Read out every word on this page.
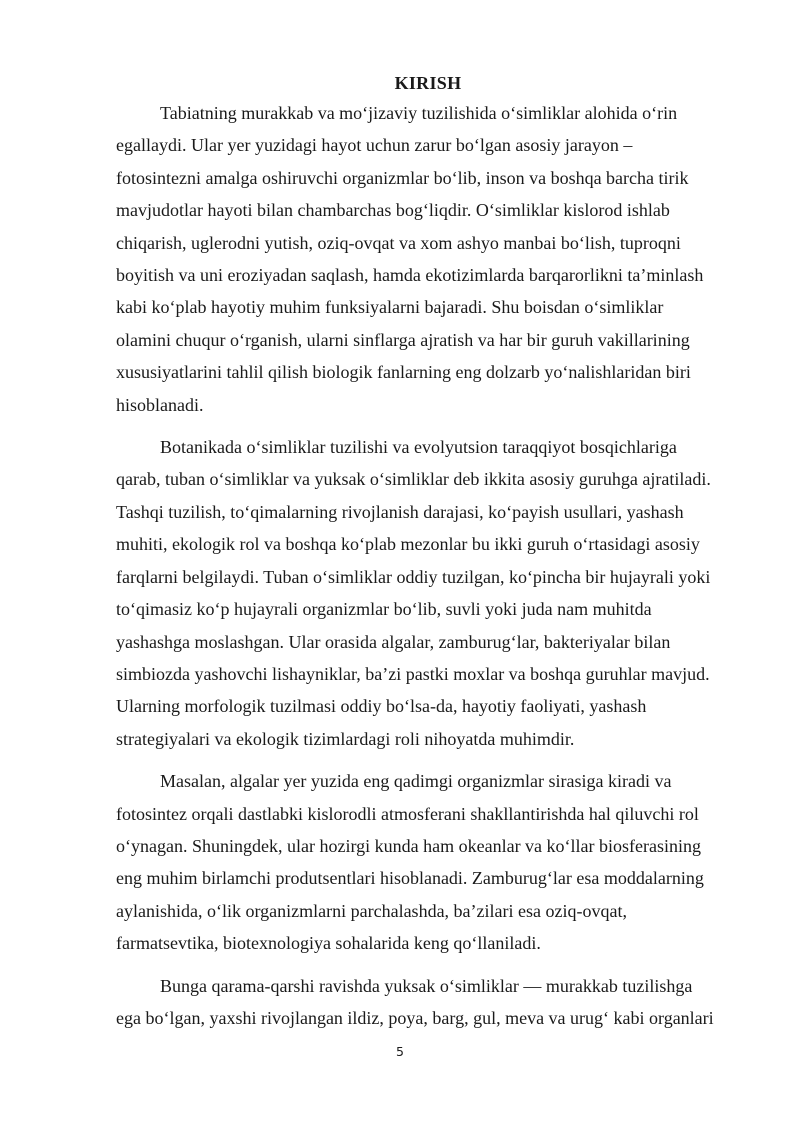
KIRISH

Tabiatning murakkab va mo‘jizaviy tuzilishida o‘simliklar alohida o‘rin
egallaydi. Ular yer yuzidagi hayot uchun zarur bo‘lgan asosiy jarayon –
fotosintezni amalga oshiruvchi organizmlar bo‘lib, inson va boshqa barcha tirik
mavjudotlar hayoti bilan chambarchas bog‘liqdir. O‘simliklar kislorod ishlab
chiqarish, uglerodni yutish, oziq-ovqat va xom ashyo manbai bo‘lish, tuproqni
boyitish va uni eroziyadan saqlash, hamda ekotizimlarda barqarorlikni ta’minlash
kabi ko‘plab hayotiy muhim funksiyalarni bajaradi. Shu boisdan o‘simliklar
olamini chuqur o‘rganish, ularni sinflarga ajratish va har bir guruh vakillarining
xususiyatlarini tahlil qilish biologik fanlarning eng dolzarb yo‘nalishlaridan biri
hisoblanadi.

Botanikada o‘simliklar tuzilishi va evolyutsion taraqqiyot bosqichlariga
qarab, tuban o‘simliklar va yuksak o‘simliklar deb ikkita asosiy guruhga ajratiladi.
Tashqi tuzilish, to‘qimalarning rivojlanish darajasi, ko‘payish usullari, yashash
muhiti, ekologik rol va boshqa ko‘plab mezonlar bu ikki guruh o‘rtasidagi asosiy
farqlarni belgilaydi. Tuban o‘simliklar oddiy tuzilgan, ko‘pincha bir hujayrali yoki
to‘qimasiz ko‘p hujayrali organizmlar bo‘lib, suvli yoki juda nam muhitda
yashashga moslashgan. Ular orasida algalar, zamburug‘lar, bakteriyalar bilan
simbiozda yashovchi lishayniklar, ba’zi pastki moxlar va boshqa guruhlar mavjud.
Ularning morfologik tuzilmasi oddiy bo‘lsa-da, hayotiy faoliyati, yashash
strategiyalari va ekologik tizimlardagi roli nihoyatda muhimdir.

Masalan, algalar yer yuzida eng qadimgi organizmlar sirasiga kiradi va
fotosintez orqali dastlabki kislorodli atmosferani shakllantirishda hal qiluvchi rol
o‘ynagan. Shuningdek, ular hozirgi kunda ham okeanlar va ko‘llar biosferasining
eng muhim birlamchi produtsentlari hisoblanadi. Zamburug‘lar esa moddalarning
aylanishida, o‘lik organizmlarni parchalashda, ba’zilari esa oziq-ovqat,
farmatsevtika, biotexnologiya sohalarida keng qo‘llaniladi.

Bunga qarama-qarshi ravishda yuksak o‘simliklar — murakkab tuzilishga
ega bo‘lgan, yaxshi rivojlangan ildiz, poya, barg, gul, meva va urug‘ kabi organlari

5
